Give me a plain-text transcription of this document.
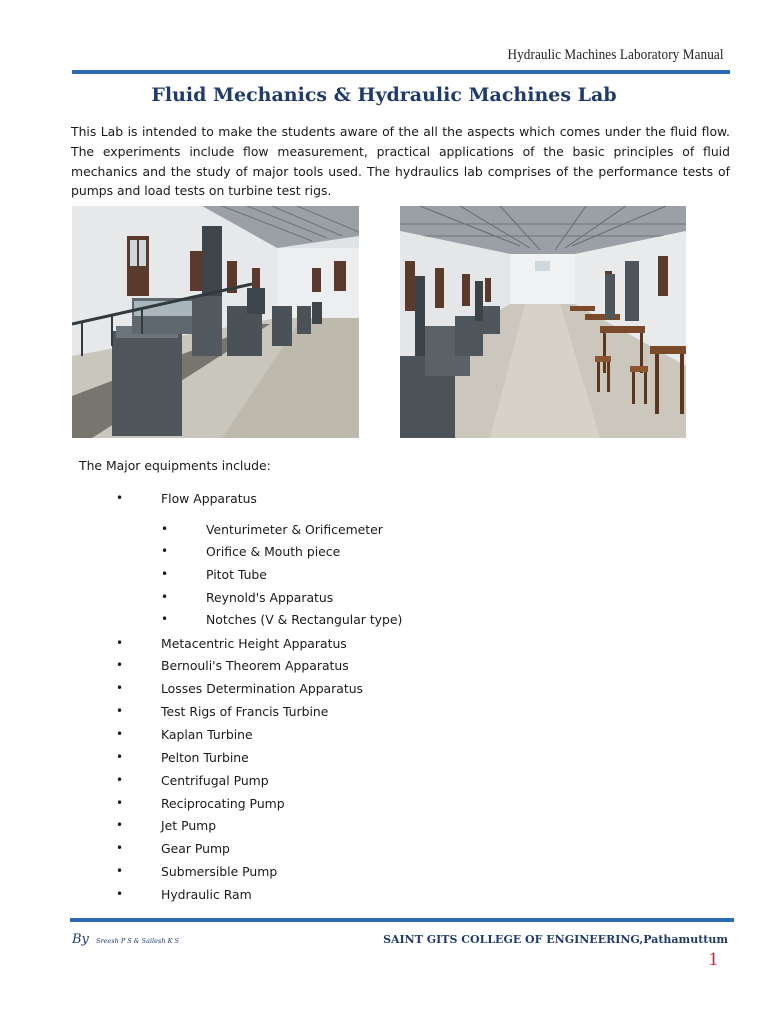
Hydraulic Machines Laboratory Manual
Fluid Mechanics & Hydraulic Machines Lab
This Lab is intended to make the students aware of the all the aspects which comes under the fluid flow. The experiments include flow measurement, practical applications of the basic principles of fluid mechanics and the study of major tools used. The hydraulics lab comprises of the performance tests of pumps and load tests on turbine test rigs.
The Major equipments include:
•	Flow Apparatus
•	Venturimeter & Orificemeter
•	Orifice & Mouth piece
•	Pitot Tube
•	Reynold's Apparatus
•	Notches (V & Rectangular type)
•	Metacentric Height Apparatus
•	Bernouli's Theorem Apparatus
•	Losses Determination Apparatus
•	Test Rigs of Francis Turbine
•	Kaplan Turbine
•	Pelton Turbine
•	Centrifugal Pump
•	Reciprocating Pump
•	Jet Pump
•	Gear Pump
•	Submersible Pump
•	Hydraulic Ram
By Sreesh P S & Sailesh K S	SAINT GITS COLLEGE OF ENGINEERING,Pathamuttum
1
